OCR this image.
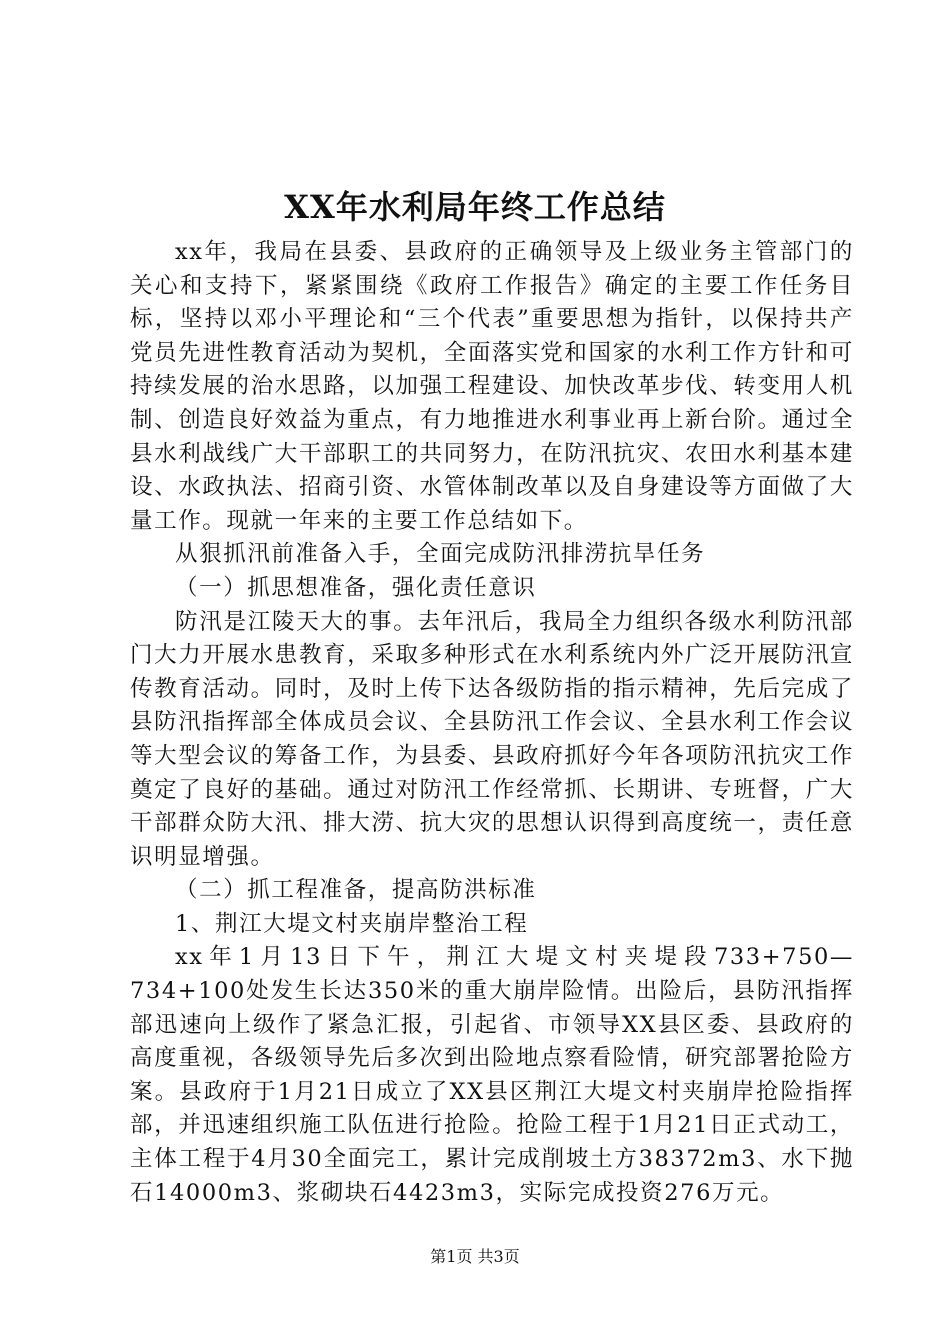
XX年水利局年终工作总结

xx年，我局在县委、县政府的正确领导及上级业务主管部门的关心和支持下，紧紧围绕《政府工作报告》确定的主要工作任务目标，坚持以邓小平理论和“三个代表”重要思想为指针，以保持共产党员先进性教育活动为契机，全面落实党和国家的水利工作方针和可持续发展的治水思路，以加强工程建设、加快改革步伐、转变用人机制、创造良好效益为重点，有力地推进水利事业再上新台阶。通过全县水利战线广大干部职工的共同努力，在防汛抗灾、农田水利基本建设、水政执法、招商引资、水管体制改革以及自身建设等方面做了大量工作。现就一年来的主要工作总结如下。

从狠抓汛前准备入手，全面完成防汛排涝抗旱任务

（一）抓思想准备，强化责任意识

防汛是江陵天大的事。去年汛后，我局全力组织各级水利防汛部门大力开展水患教育，采取多种形式在水利系统内外广泛开展防汛宣传教育活动。同时，及时上传下达各级防指的指示精神，先后完成了县防汛指挥部全体成员会议、全县防汛工作会议、全县水利工作会议等大型会议的筹备工作，为县委、县政府抓好今年各项防汛抗灾工作奠定了良好的基础。通过对防汛工作经常抓、长期讲、专班督，广大干部群众防大汛、排大涝、抗大灾的思想认识得到高度统一，责任意识明显增强。

（二）抓工程准备，提高防洪标准

1、荆江大堤文村夹崩岸整治工程

xx年1月13日下午，荆江大堤文村夹堤段733+750—734+100处发生长达350米的重大崩岸险情。出险后，县防汛指挥部迅速向上级作了紧急汇报，引起省、市领导XX县区委、县政府的高度重视，各级领导先后多次到出险地点察看险情，研究部署抢险方案。县政府于1月21日成立了XX县区荆江大堤文村夹崩岸抢险指挥部，并迅速组织施工队伍进行抢险。抢险工程于1月21日正式动工，主体工程于4月30全面完工，累计完成削坡土方38372m3、水下抛石14000m3、浆砌块石4423m3，实际完成投资276万元。

第1页 共3页
